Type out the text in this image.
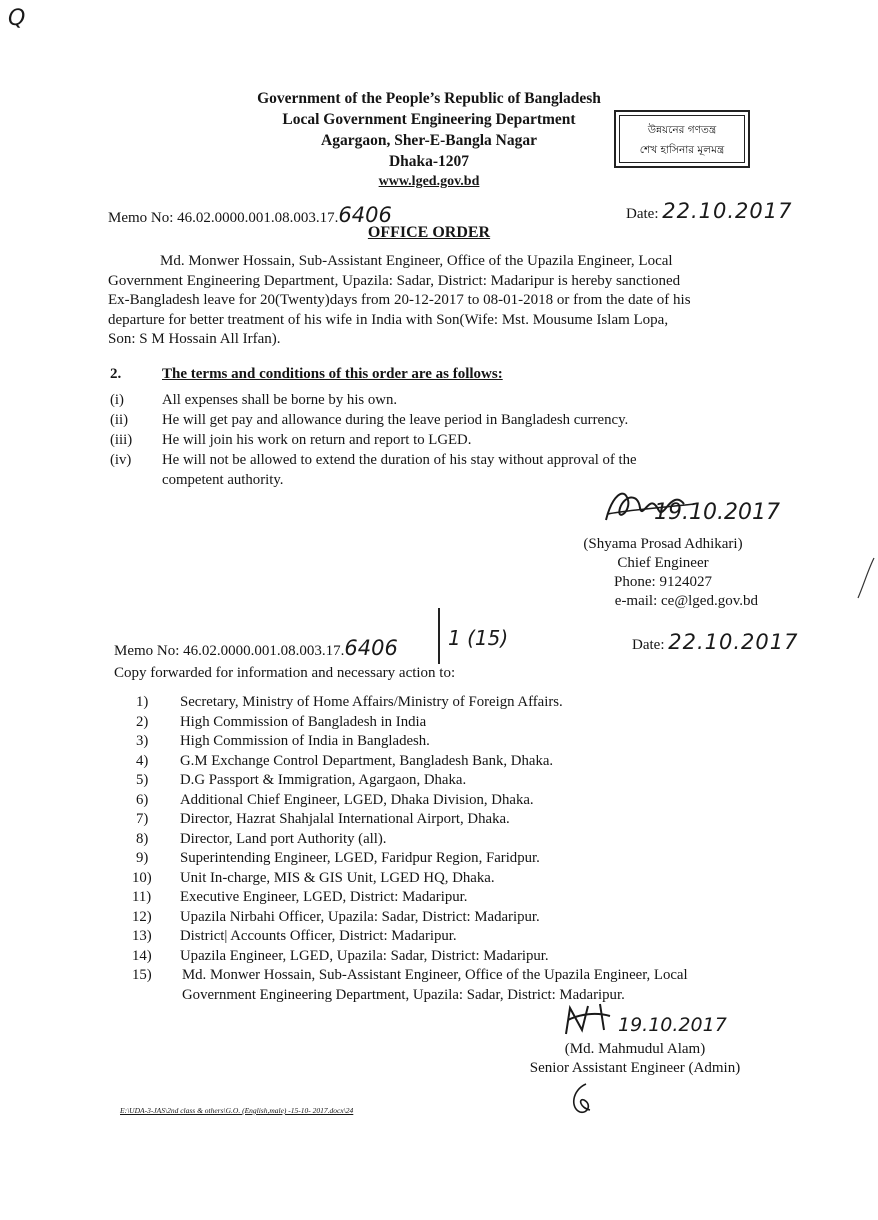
Q
Government of the People’s Republic of Bangladesh
Local Government Engineering Department
Agargaon, Sher-E-Bangla Nagar
Dhaka-1207
www.lged.gov.bd
উন্নয়নের গণতন্ত্র
শেখ হাসিনার মূলমন্ত্র
Memo No: 46.02.0000.001.08.003.17.6406	Date: 22.10.2017
OFFICE ORDER
Md. Monwer Hossain, Sub-Assistant Engineer, Office of the Upazila Engineer, Local
Government Engineering Department, Upazila: Sadar, District: Madaripur is hereby sanctioned
Ex-Bangladesh leave for 20(Twenty)days from 20-12-2017 to 08-01-2018 or from the date of his
departure for better treatment of his wife in India with Son(Wife: Mst. Mousume Islam Lopa,
Son: S M Hossain All Irfan).
2.	The terms and conditions of this order are as follows:
(i)	All expenses shall be borne by his own.
(ii) He will get pay and allowance during the leave period in Bangladesh currency.
(iii) He will join his work on return and report to LGED.
(iv) He will not be allowed to extend the duration of his stay without approval of the
competent authority.
19.10.2017
(Shyama Prosad Adhikari)
Chief Engineer
Phone: 9124027
e-mail: ce@lged.gov.bd
Memo No: 46.02.0000.001.08.003.17.6406	1 (15)	Date: 22.10.2017
Copy forwarded for information and necessary action to:
1) Secretary, Ministry of Home Affairs/Ministry of Foreign Affairs.
2) High Commission of Bangladesh in India
3) High Commission of India in Bangladesh.
4) G.M Exchange Control Department, Bangladesh Bank, Dhaka.
5) D.G Passport & Immigration, Agargaon, Dhaka.
6) Additional Chief Engineer, LGED, Dhaka Division, Dhaka.
7) Director, Hazrat Shahjalal International Airport, Dhaka.
8) Director, Land port Authority (all).
9) Superintending Engineer, LGED, Faridpur Region, Faridpur.
10) Unit In-charge, MIS & GIS Unit, LGED HQ, Dhaka.
11) Executive Engineer, LGED, District: Madaripur.
12) Upazila Nirbahi Officer, Upazila: Sadar, District: Madaripur.
13) District| Accounts Officer, District: Madaripur.
14) Upazila Engineer, LGED, Upazila: Sadar, District: Madaripur.
15) Md. Monwer Hossain, Sub-Assistant Engineer, Office of the Upazila Engineer, Local
Government Engineering Department, Upazila: Sadar, District: Madaripur.
19.10.2017
(Md. Mahmudul Alam)
Senior Assistant Engineer (Admin)
E:\UDA-3-JAS\2nd class & others\G.O. (English,male) -15-10- 2017.docx\24
